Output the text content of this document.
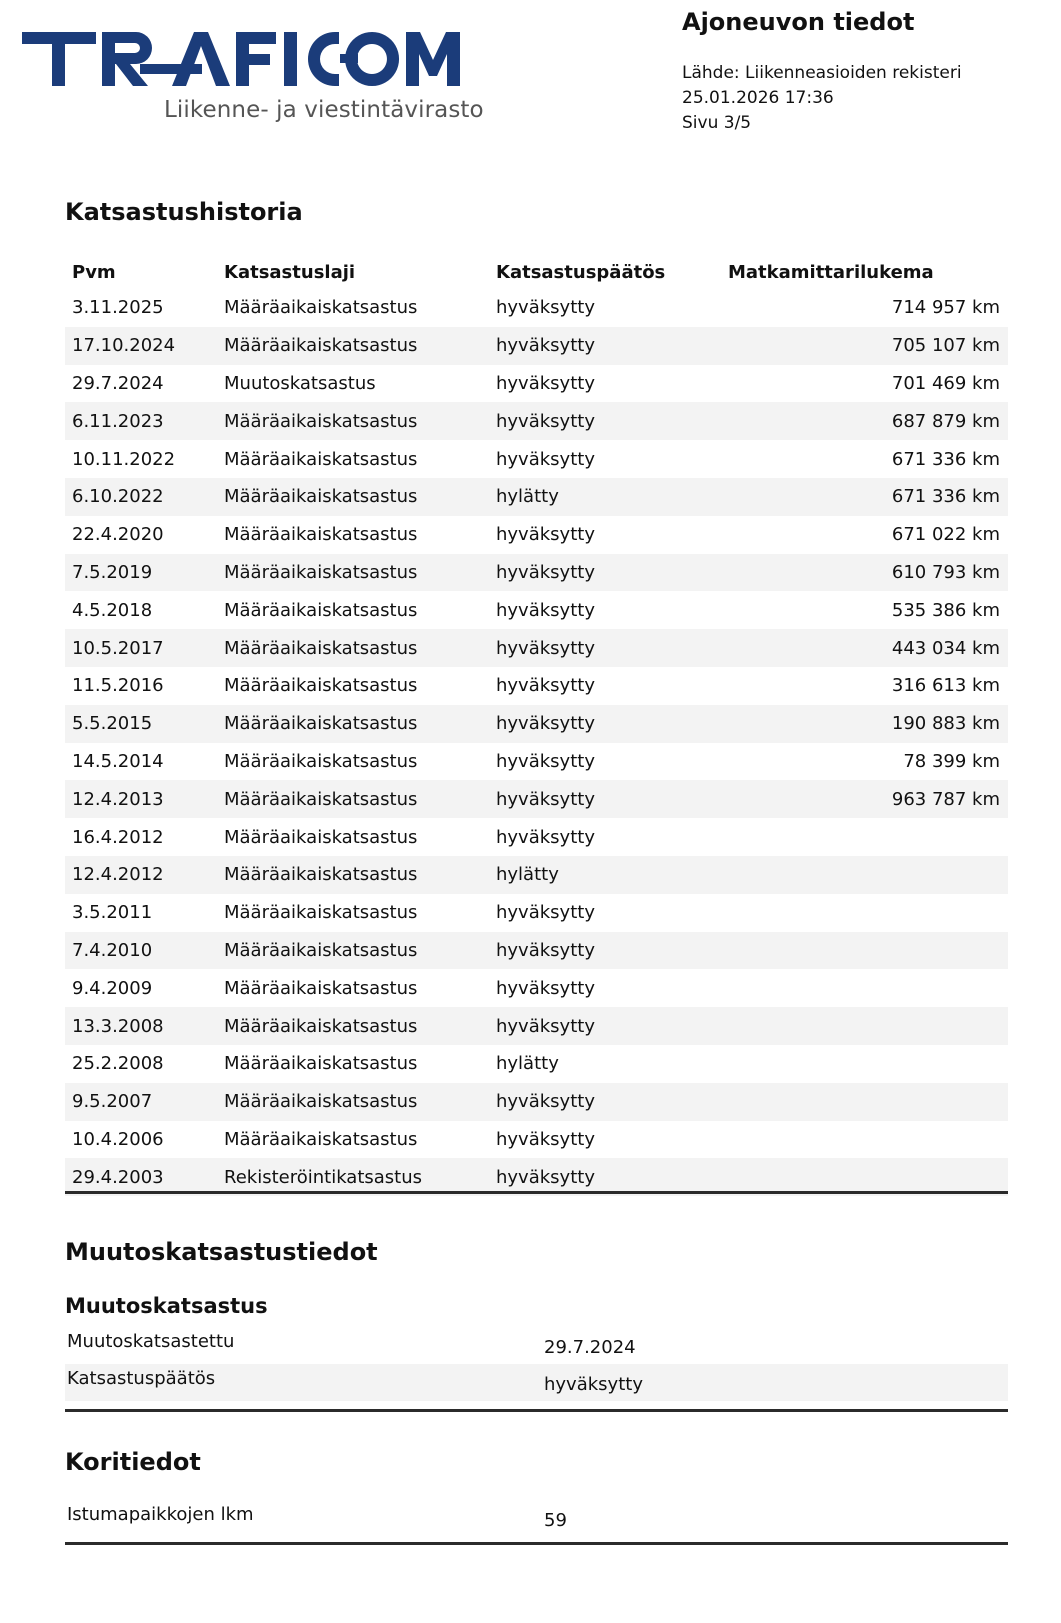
Liikenne- ja viestintävirasto
Ajoneuvon tiedot

Lähde: Liikenneasioiden rekisteri

25.01.2026 17:36

Sivu 3/5

Katsastushistoria
Pvm	Katsastuslaji	Katsastuspäätös	Matkamittarilukema
3.11.2025	Määräaikaiskatsastus	hyväksytty	714 957 km
17.10.2024	Määräaikaiskatsastus	hyväksytty	705 107 km
29.7.2024	Muutoskatsastus	hyväksytty	701 469 km
6.11.2023	Määräaikaiskatsastus	hyväksytty	687 879 km
10.11.2022	Määräaikaiskatsastus	hyväksytty	671 336 km
6.10.2022	Määräaikaiskatsastus	hylätty	671 336 km
22.4.2020	Määräaikaiskatsastus	hyväksytty	671 022 km
7.5.2019	Määräaikaiskatsastus	hyväksytty	610 793 km
4.5.2018	Määräaikaiskatsastus	hyväksytty	535 386 km
10.5.2017	Määräaikaiskatsastus	hyväksytty	443 034 km
11.5.2016	Määräaikaiskatsastus	hyväksytty	316 613 km
5.5.2015	Määräaikaiskatsastus	hyväksytty	190 883 km
14.5.2014	Määräaikaiskatsastus	hyväksytty	78 399 km
12.4.2013	Määräaikaiskatsastus	hyväksytty	963 787 km
16.4.2012	Määräaikaiskatsastus	hyväksytty	
12.4.2012	Määräaikaiskatsastus	hylätty	
3.5.2011	Määräaikaiskatsastus	hyväksytty	
7.4.2010	Määräaikaiskatsastus	hyväksytty	
9.4.2009	Määräaikaiskatsastus	hyväksytty	
13.3.2008	Määräaikaiskatsastus	hyväksytty	
25.2.2008	Määräaikaiskatsastus	hylätty	
9.5.2007	Määräaikaiskatsastus	hyväksytty	
10.4.2006	Määräaikaiskatsastus	hyväksytty	
29.4.2003	Rekisteröintikatsastus	hyväksytty	
Muutoskatsastustiedot
Muutoskatsastus
Muutoskatsastettu	29.7.2024
Katsastuspäätös	hyväksytty
Koritiedot
Istumapaikkojen lkm	59
